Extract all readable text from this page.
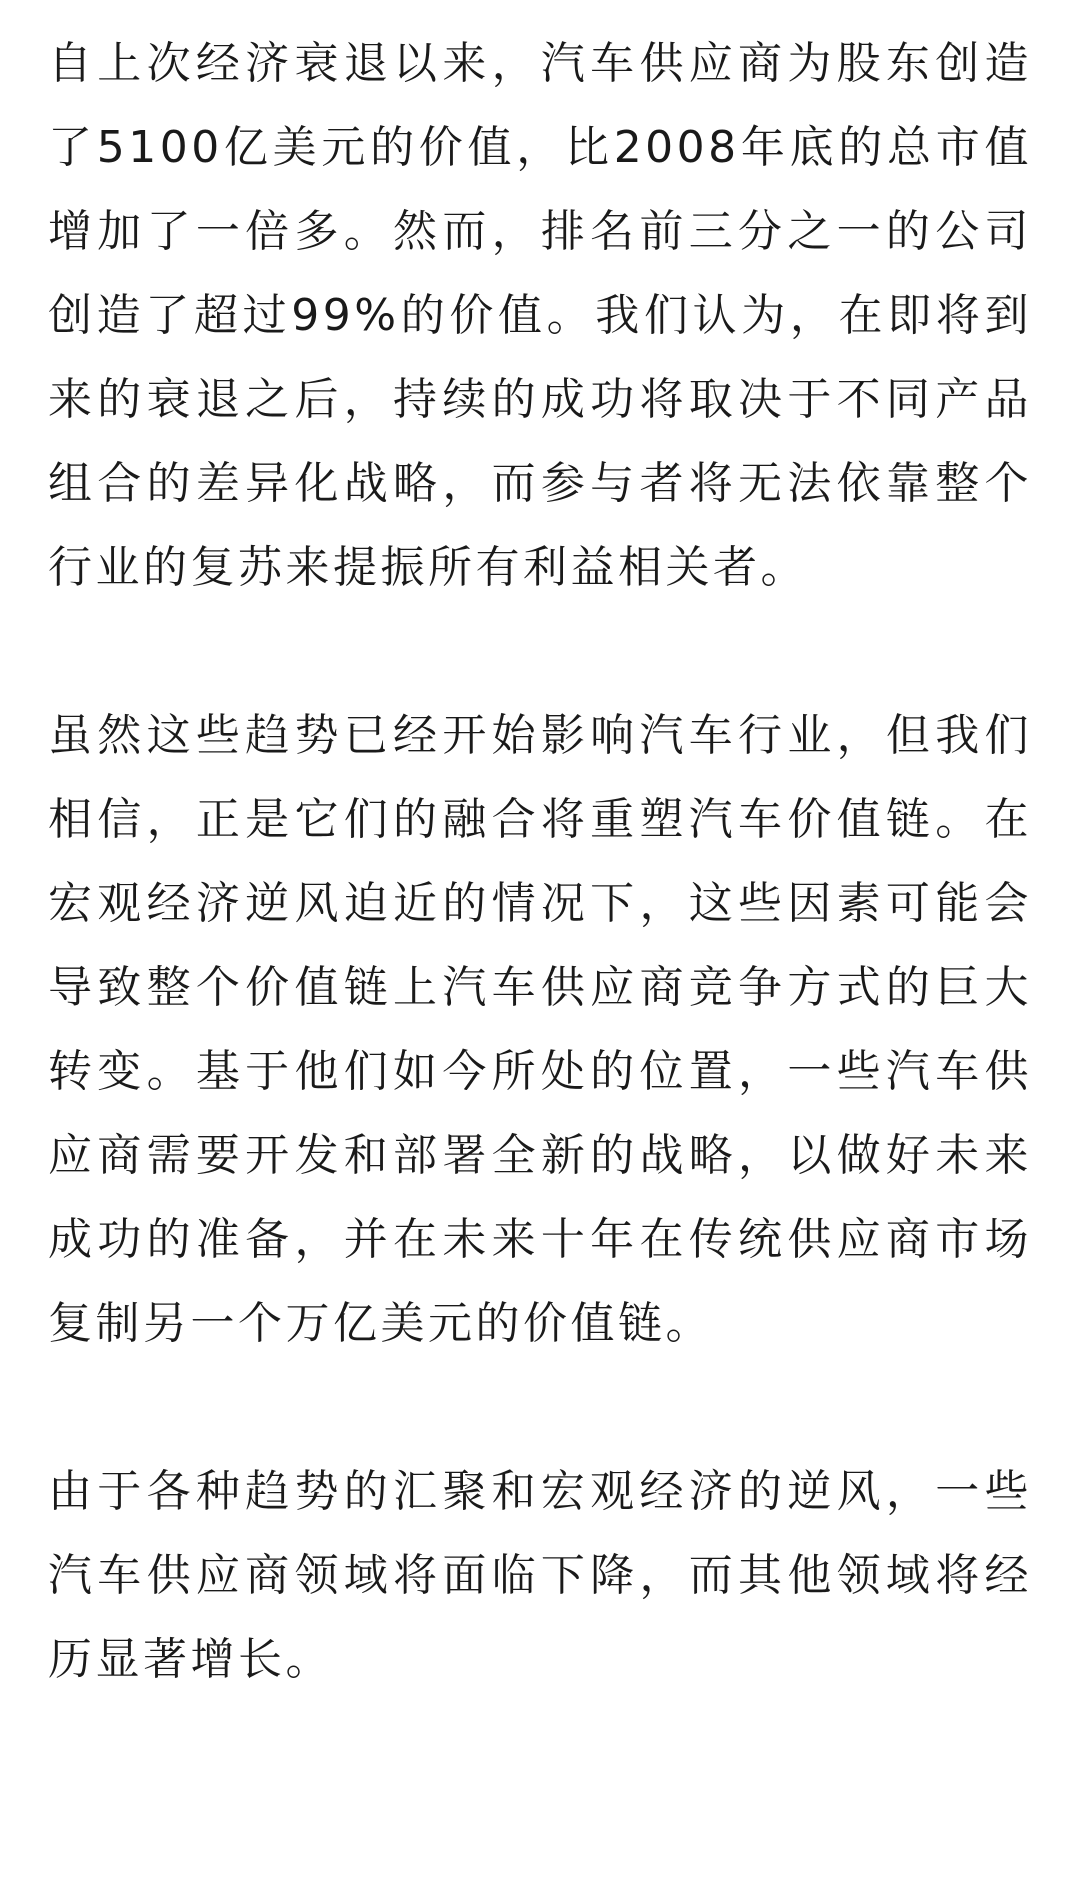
自上次经济衰退以来，汽车供应商为股东创造了5100亿美元的价值，比2008年底的总市值增加了一倍多。然而，排名前三分之一的公司创造了超过99%的价值。我们认为，在即将到来的衰退之后，持续的成功将取决于不同产品组合的差异化战略，而参与者将无法依靠整个行业的复苏来提振所有利益相关者。

虽然这些趋势已经开始影响汽车行业，但我们相信，正是它们的融合将重塑汽车价值链。在宏观经济逆风迫近的情况下，这些因素可能会导致整个价值链上汽车供应商竞争方式的巨大转变。基于他们如今所处的位置，一些汽车供应商需要开发和部署全新的战略，以做好未来成功的准备，并在未来十年在传统供应商市场复制另一个万亿美元的价值链。

由于各种趋势的汇聚和宏观经济的逆风，一些汽车供应商领域将面临下降，而其他领域将经历显著增长。
